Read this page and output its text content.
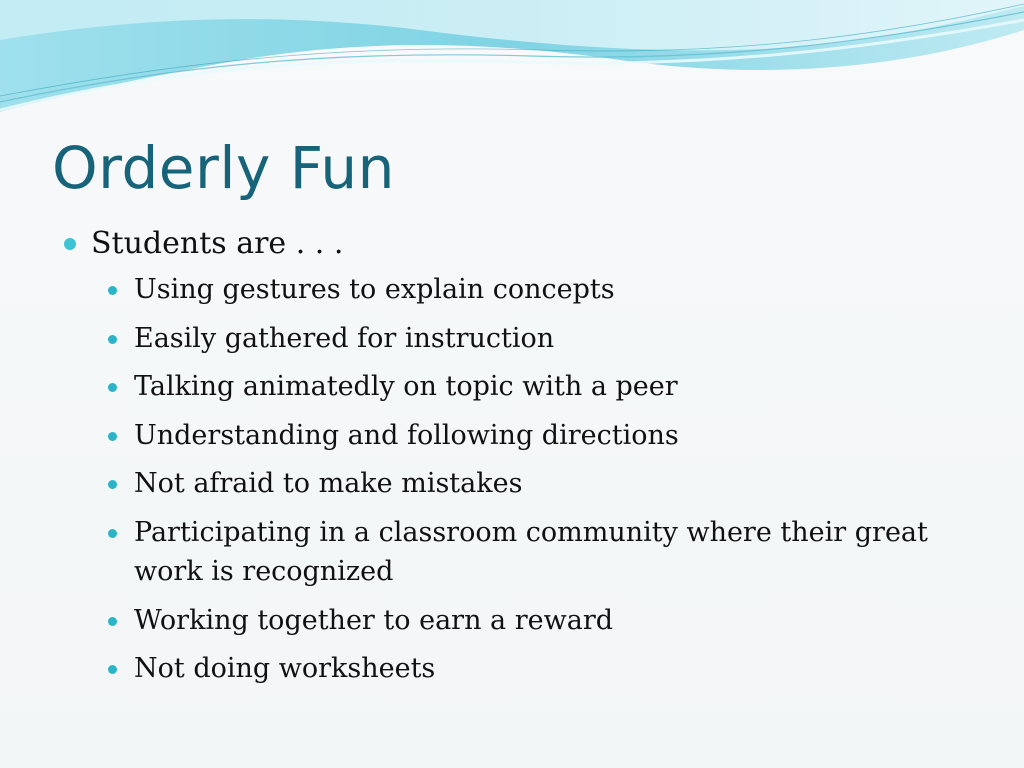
Orderly Fun
Students are . . .
Using gestures to explain concepts
Easily gathered for instruction
Talking animatedly on topic with a peer
Understanding and following directions
Not afraid to make mistakes
Participating in a classroom community where their great work is recognized
Working together to earn a reward
Not doing worksheets
